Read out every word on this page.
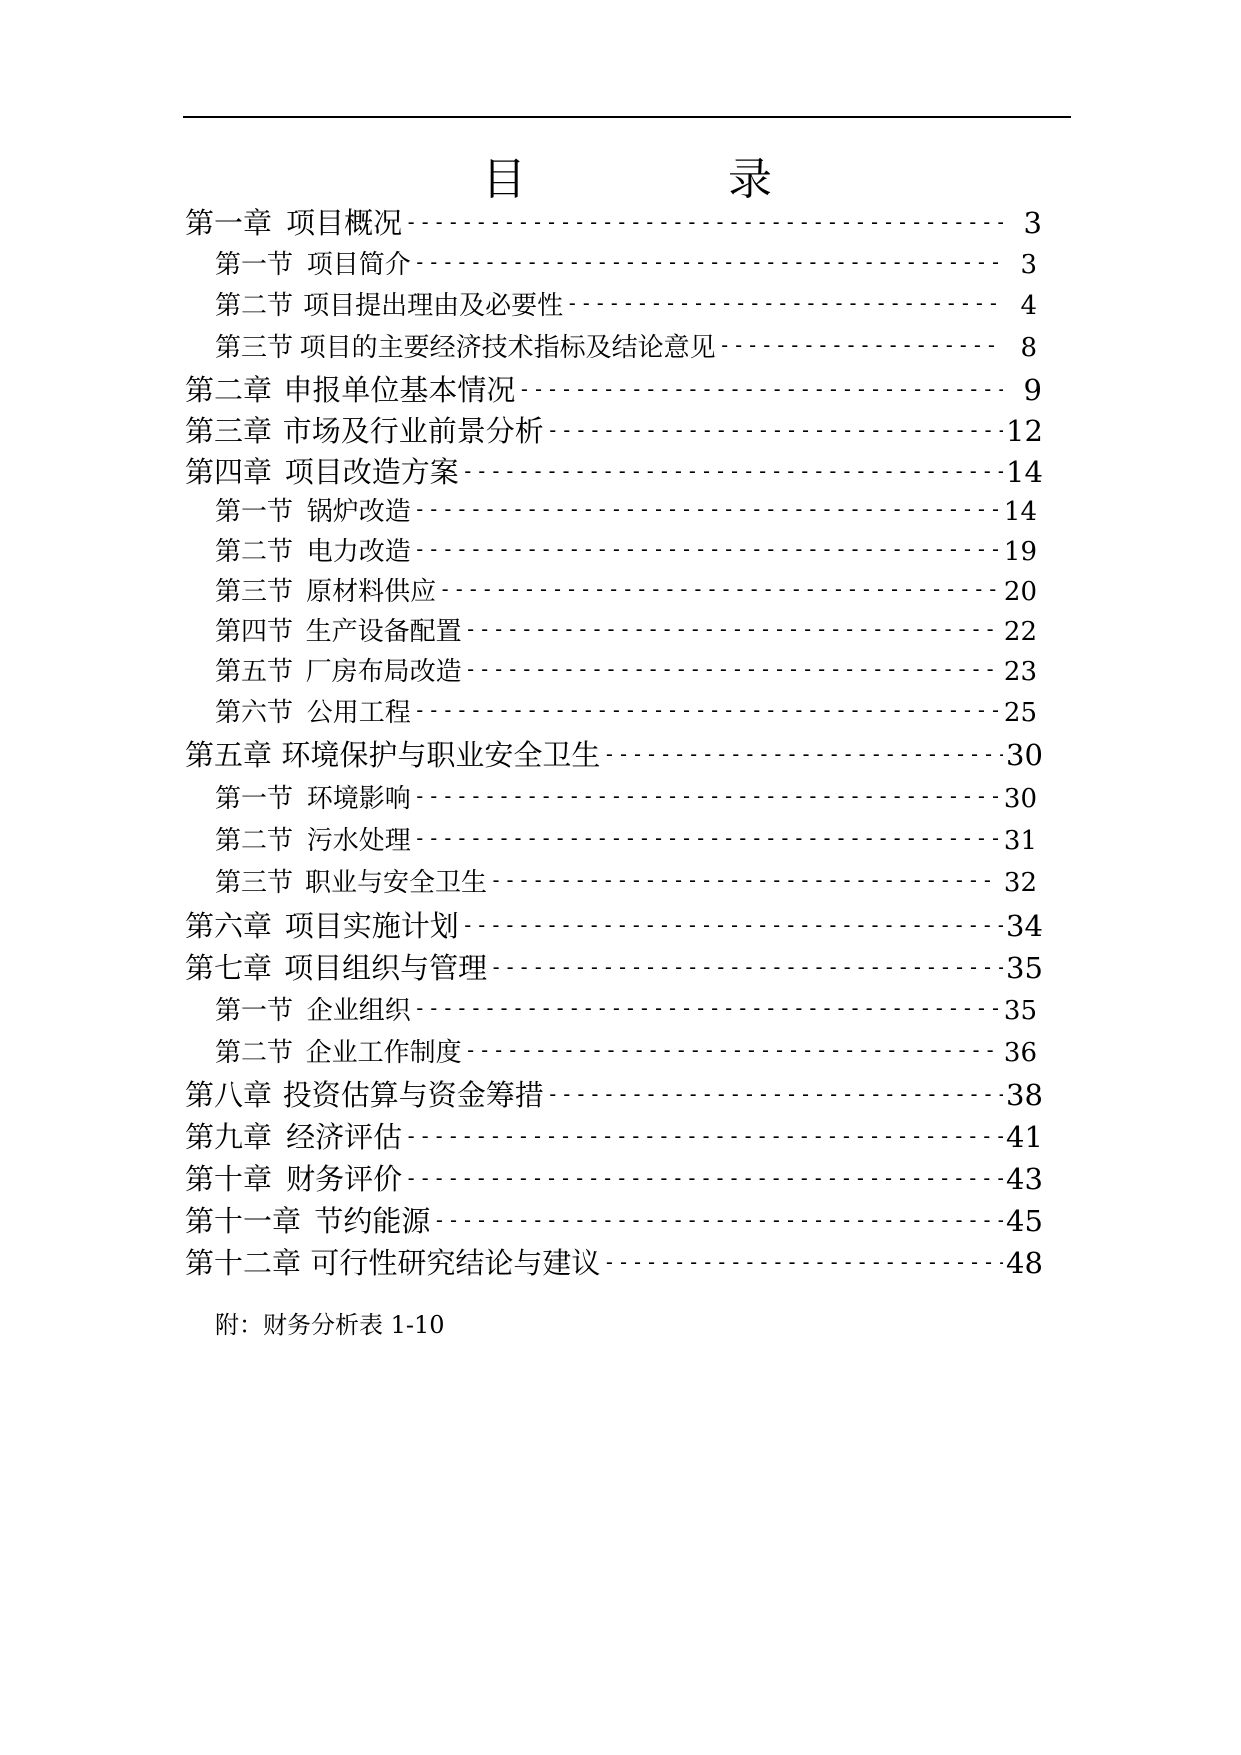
目	录
第一章 项目概况 -----	3
第一节 项目简介 -----	3
第二节 项目提出理由及必要性 -----	4
第三节 项目的主要经济技术指标及结论意见 -----	8
第二章 申报单位基本情况 -----	9
第三章 市场及行业前景分析 -----	12
第四章 项目改造方案 -----	14
第一节 锅炉改造 -----	14
第二节 电力改造 -----	19
第三节 原材料供应 -----	20
第四节 生产设备配置 -----	22
第五节 厂房布局改造 -----	23
第六节 公用工程 -----	25
第五章 环境保护与职业安全卫生 -----	30
第一节 环境影响 -----	30
第二节 污水处理 -----	31
第三节 职业与安全卫生 -----	32
第六章 项目实施计划 -----	34
第七章 项目组织与管理 -----	35
第一节 企业组织 -----	35
第二节 企业工作制度 -----	36
第八章 投资估算与资金筹措 -----	38
第九章 经济评估 -----	41
第十章 财务评价 -----	43
第十一章 节约能源 -----	45
第十二章 可行性研究结论与建议 -----	48
附：财务分析表 1-10
